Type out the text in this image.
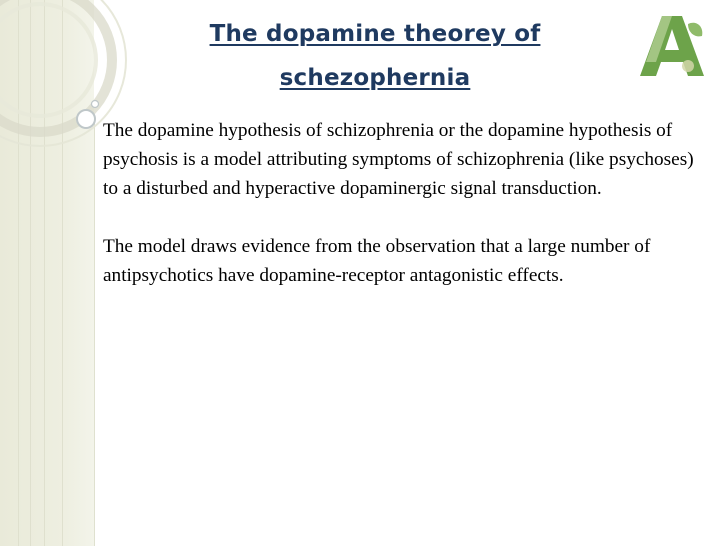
The dopamine theorey of
schezophernia

The dopamine hypothesis of schizophrenia or the dopamine hypothesis of psychosis is a model attributing symptoms of schizophrenia (like psychoses) to a disturbed and hyperactive dopaminergic signal transduction.

The model draws evidence from the observation that a large number of antipsychotics have dopamine-receptor antagonistic effects.
